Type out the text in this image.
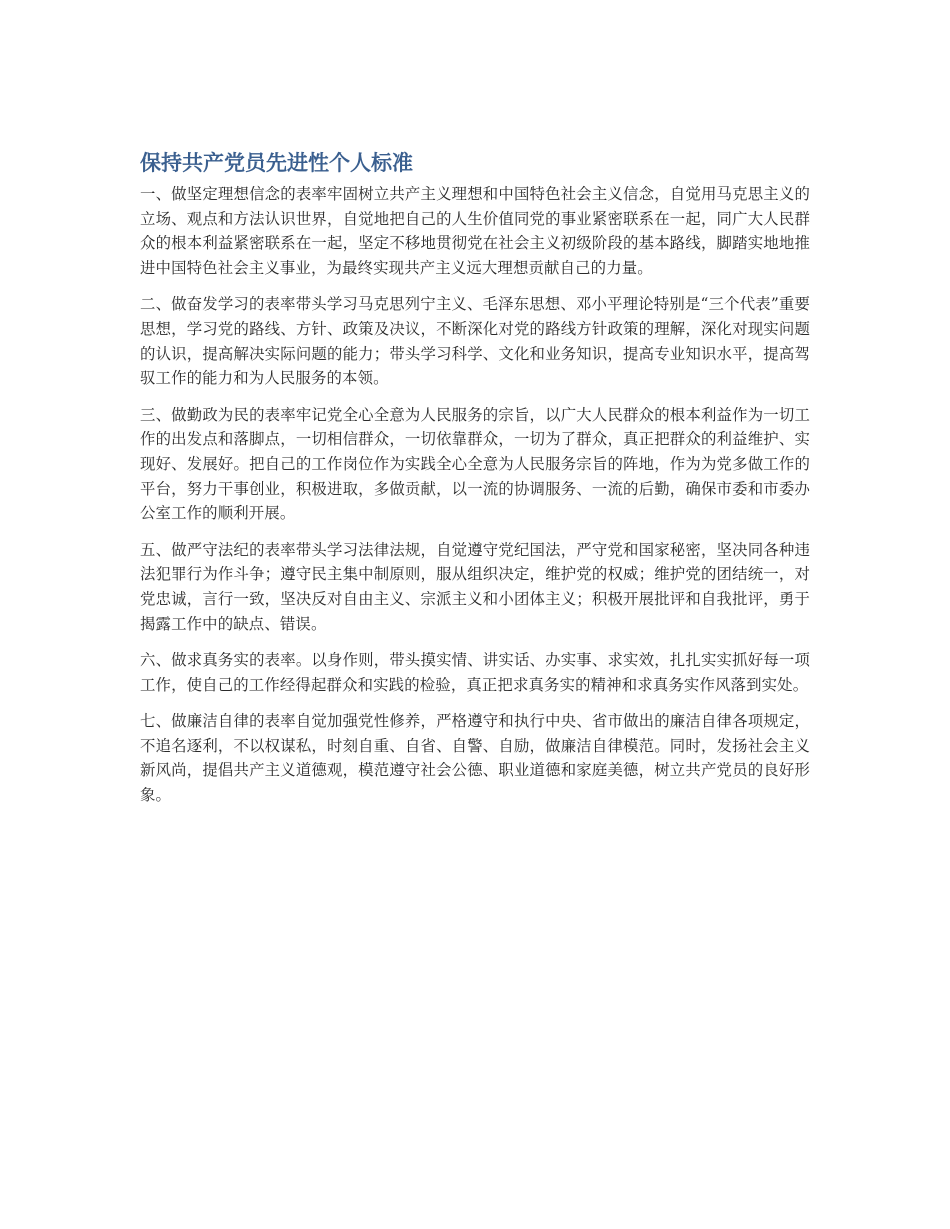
保持共产党员先进性个人标准

一、做坚定理想信念的表率牢固树立共产主义理想和中国特色社会主义信念，自觉用马克思主义的立场、观点和方法认识世界，自觉地把自己的人生价值同党的事业紧密联系在一起，同广大人民群众的根本利益紧密联系在一起，坚定不移地贯彻党在社会主义初级阶段的基本路线，脚踏实地地推进中国特色社会主义事业，为最终实现共产主义远大理想贡献自己的力量。

二、做奋发学习的表率带头学习马克思列宁主义、毛泽东思想、邓小平理论特别是“三个代表”重要思想，学习党的路线、方针、政策及决议，不断深化对党的路线方针政策的理解，深化对现实问题的认识，提高解决实际问题的能力；带头学习科学、文化和业务知识，提高专业知识水平，提高驾驭工作的能力和为人民服务的本领。

三、做勤政为民的表率牢记党全心全意为人民服务的宗旨，以广大人民群众的根本利益作为一切工作的出发点和落脚点，一切相信群众，一切依靠群众，一切为了群众，真正把群众的利益维护、实现好、发展好。把自己的工作岗位作为实践全心全意为人民服务宗旨的阵地，作为为党多做工作的平台，努力干事创业，积极进取，多做贡献，以一流的协调服务、一流的后勤，确保市委和市委办公室工作的顺利开展。

五、做严守法纪的表率带头学习法律法规，自觉遵守党纪国法，严守党和国家秘密，坚决同各种违法犯罪行为作斗争；遵守民主集中制原则，服从组织决定，维护党的权威；维护党的团结统一，对党忠诚，言行一致，坚决反对自由主义、宗派主义和小团体主义；积极开展批评和自我批评，勇于揭露工作中的缺点、错误。

六、做求真务实的表率。以身作则，带头摸实情、讲实话、办实事、求实效，扎扎实实抓好每一项工作，使自己的工作经得起群众和实践的检验，真正把求真务实的精神和求真务实作风落到实处。

七、做廉洁自律的表率自觉加强党性修养，严格遵守和执行中央、省市做出的廉洁自律各项规定，不追名逐利，不以权谋私，时刻自重、自省、自警、自励，做廉洁自律模范。同时，发扬社会主义新风尚，提倡共产主义道德观，模范遵守社会公德、职业道德和家庭美德，树立共产党员的良好形象。
